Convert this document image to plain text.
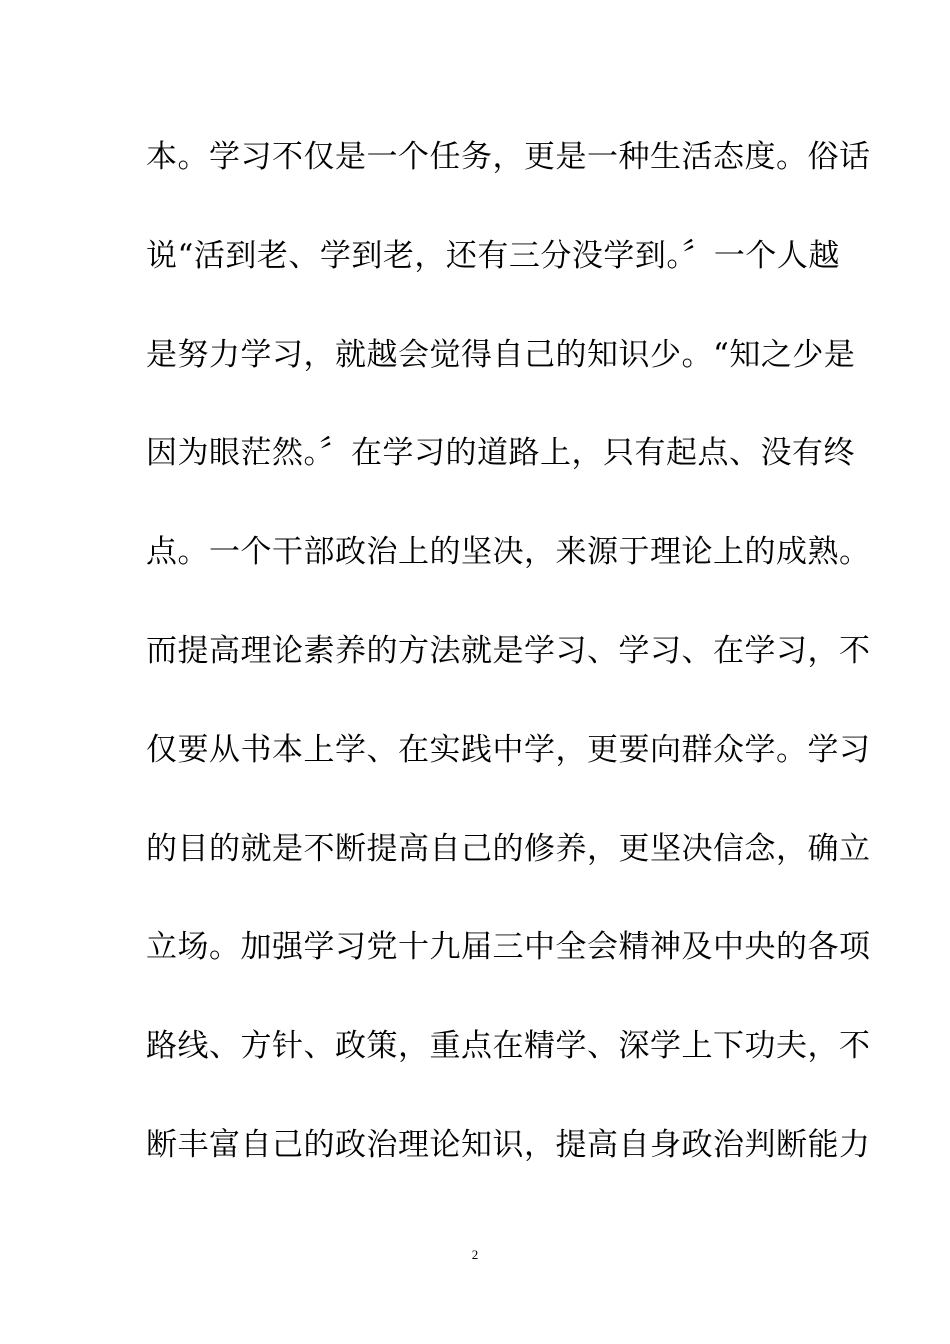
本。学习不仅是一个任务，更是一种生活态度。俗话
说“活到老、学到老，还有三分没学到。〞一个人越
是努力学习，就越会觉得自己的知识少。“知之少是
因为眼茫然。〞在学习的道路上，只有起点、没有终
点。一个干部政治上的坚决，来源于理论上的成熟。
而提高理论素养的方法就是学习、学习、在学习，不
仅要从书本上学、在实践中学，更要向群众学。学习
的目的就是不断提高自己的修养，更坚决信念，确立
立场。加强学习党十九届三中全会精神及中央的各项
路线、方针、政策，重点在精学、深学上下功夫，不
断丰富自己的政治理论知识，提高自身政治判断能力
2
